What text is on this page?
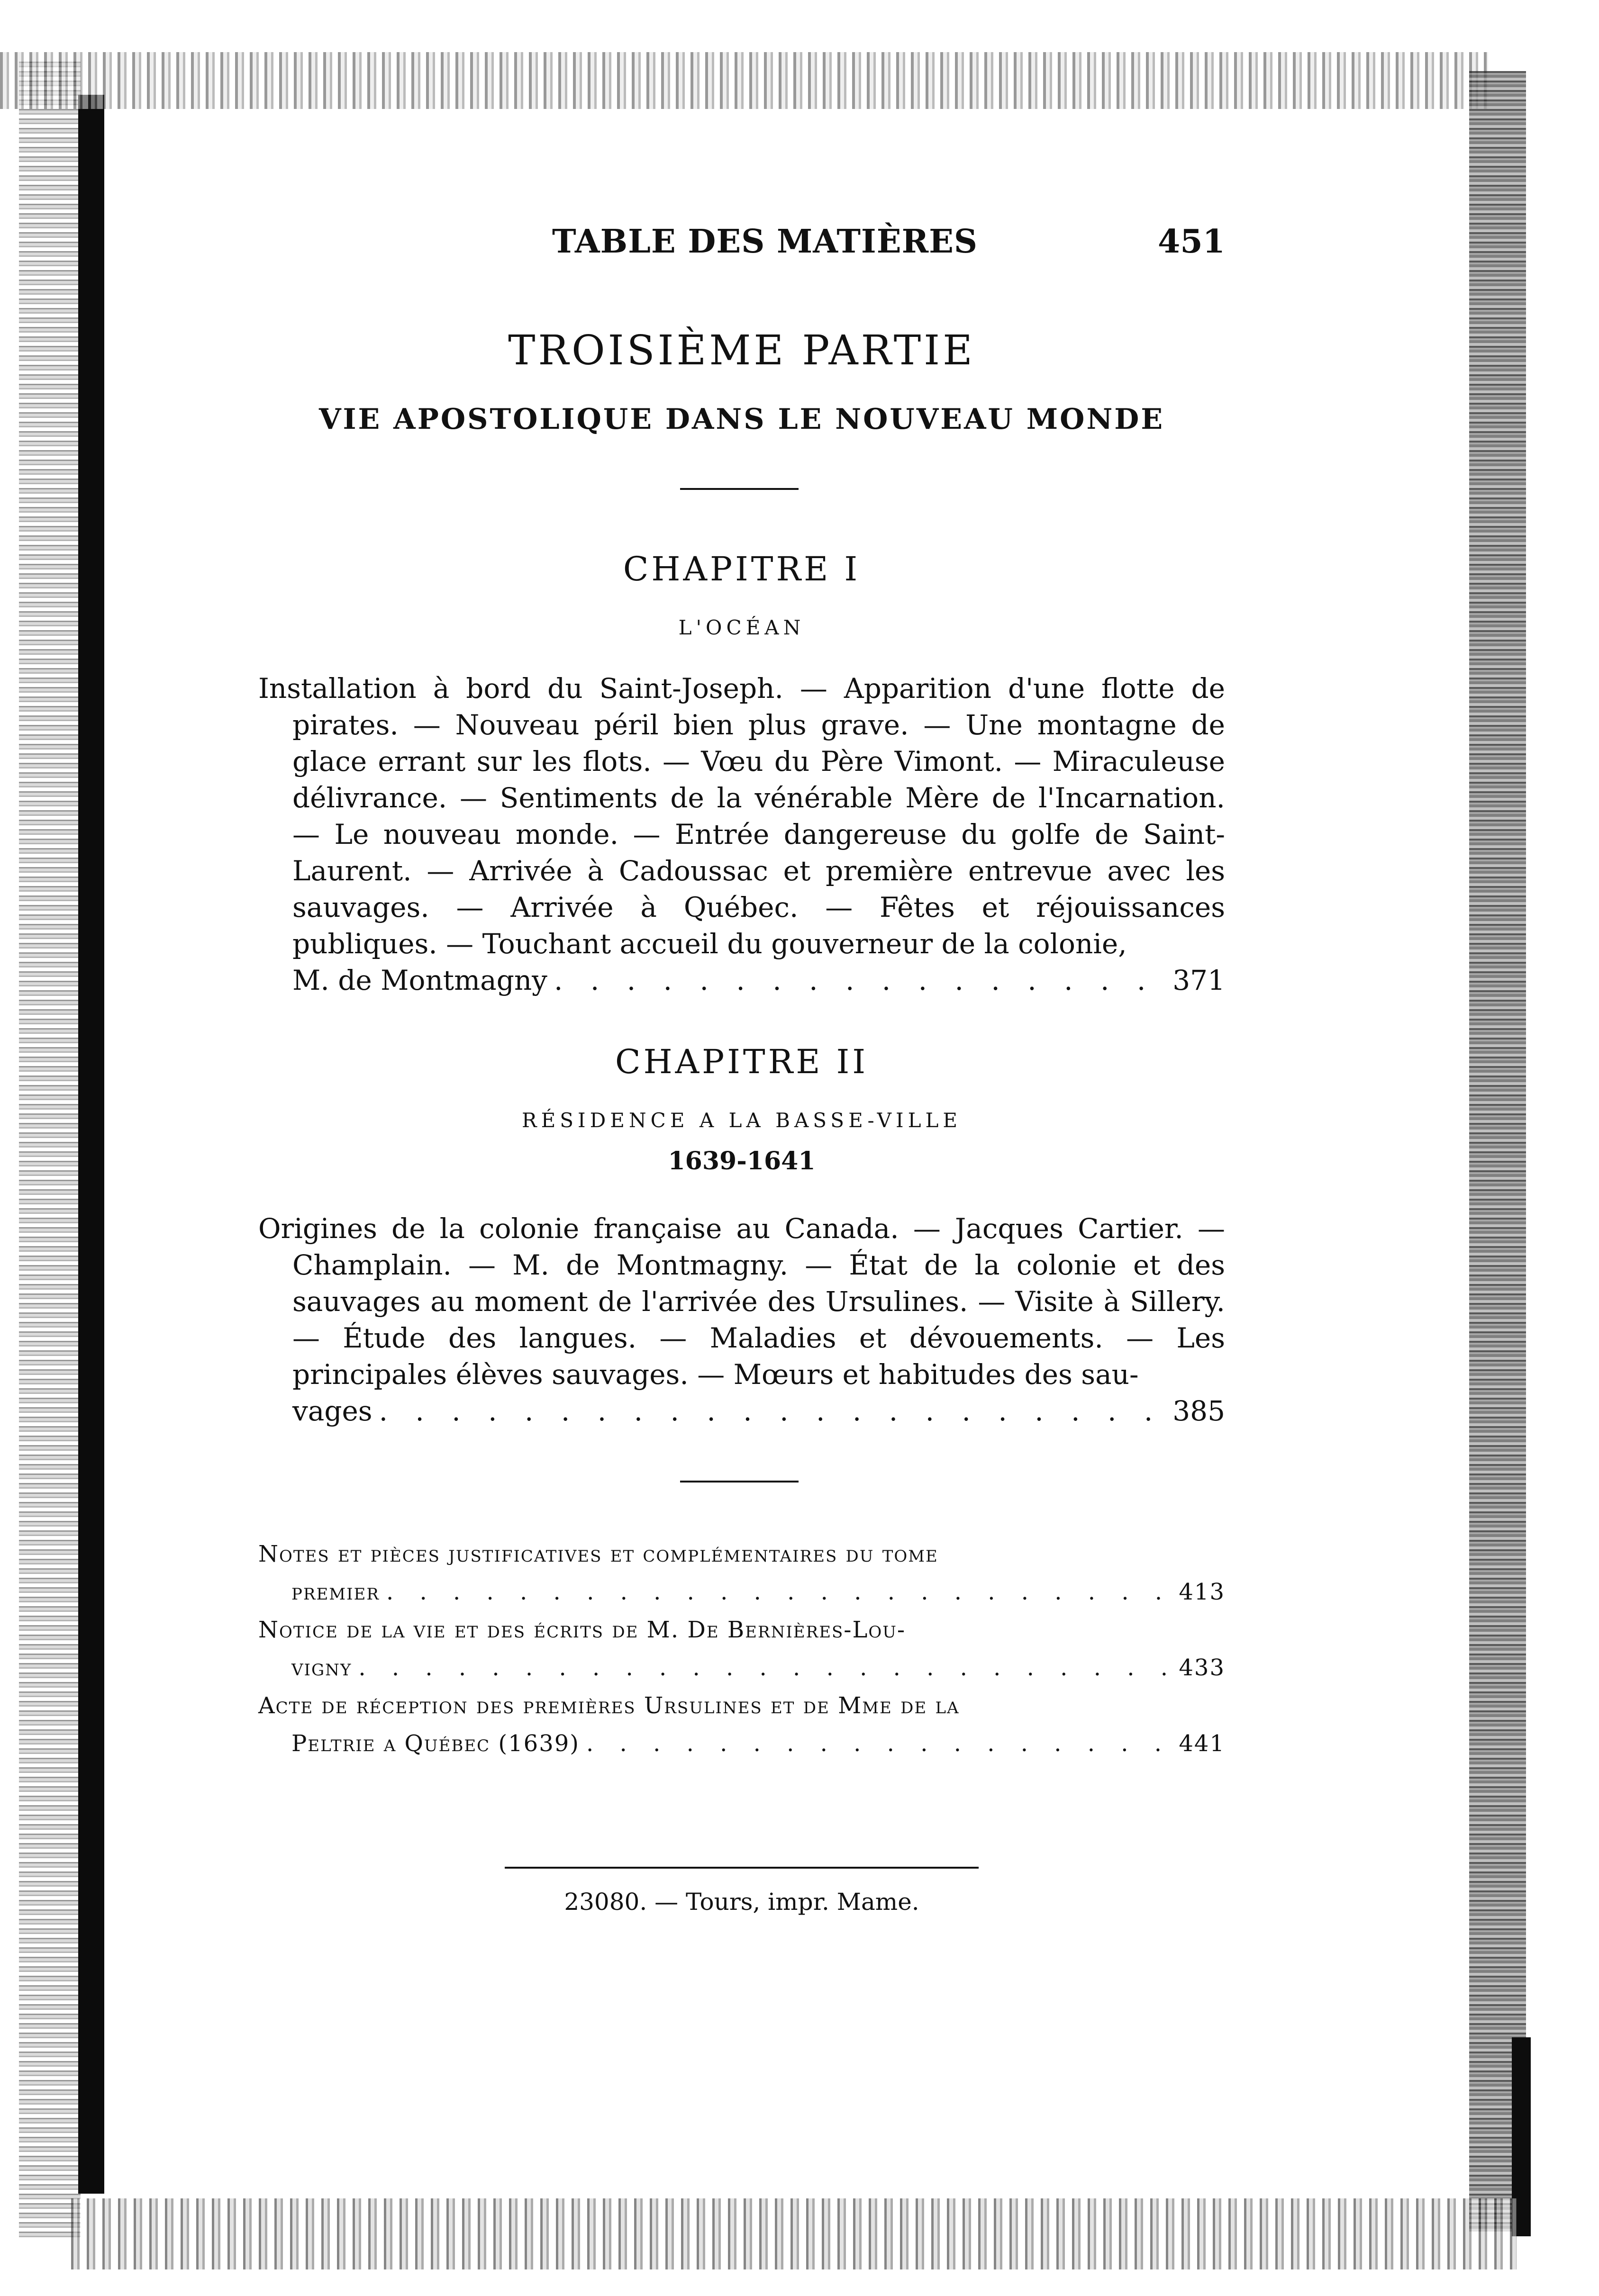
TABLE DES MATIÈRES	451
TROISIÈME PARTIE
VIE APOSTOLIQUE DANS LE NOUVEAU MONDE
CHAPITRE I
L'OCÉAN
Installation à bord du Saint-Joseph. — Apparition d'une flotte de pirates. — Nouveau péril bien plus grave. — Une montagne de glace errant sur les flots. — Vœu du Père Vimont. — Miraculeuse délivrance. — Sentiments de la vénérable Mère de l'Incarnation. — Le nouveau monde. — Entrée dangereuse du golfe de Saint-Laurent. — Arrivée à Cadoussac et première entrevue avec les sauvages. — Arrivée à Québec. — Fêtes et réjouissances publiques. — Touchant accueil du gouverneur de la colonie,
M. de Montmagny . . .	371
CHAPITRE II
RÉSIDENCE A LA BASSE-VILLE
1639-1641
Origines de la colonie française au Canada. — Jacques Cartier. — Champlain. — M. de Montmagny. — État de la colonie et des sauvages au moment de l'arrivée des Ursulines. — Visite à Sillery. — Étude des langues. — Maladies et dévouements. — Les principales élèves sauvages. — Mœurs et habitudes des sau-
vages . . .	385
Notes et pièces justificatives et complémentaires du tome
premier . . .	413
Notice de la vie et des écrits de M. De Bernières-Lou-
vigny . . .	433
Acte de réception des premières Ursulines et de Mme de la
Peltrie a Québec (1639) . . .	441
23080. — Tours, impr. Mame.
